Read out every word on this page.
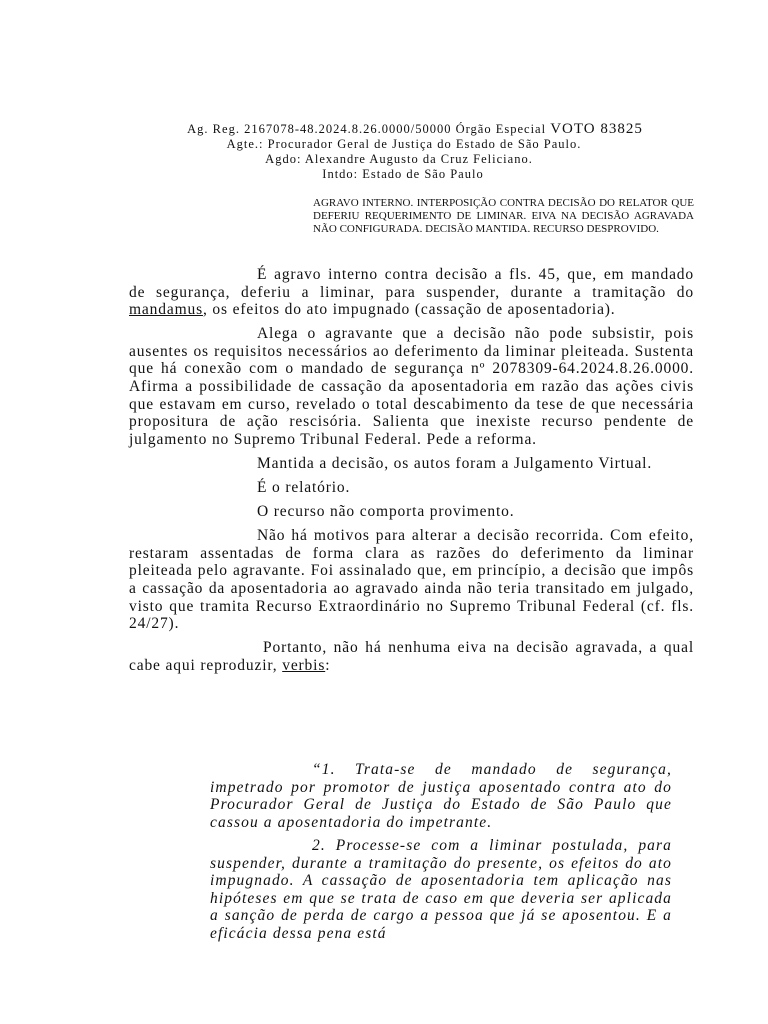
Ag. Reg. 2167078-48.2024.8.26.0000/50000 Órgão Especial VOTO 83825
Agte.: Procurador Geral de Justiça do Estado de São Paulo.
Agdo: Alexandre Augusto da Cruz Feliciano.
Intdo: Estado de São Paulo
AGRAVO INTERNO. INTERPOSIÇÃO CONTRA DECISÃO DO RELATOR QUE DEFERIU REQUERIMENTO DE LIMINAR. EIVA NA DECISÃO AGRAVADA NÃO CONFIGURADA. DECISÃO MANTIDA. RECURSO DESPROVIDO.

É agravo interno contra decisão a fls. 45, que, em mandado de segurança, deferiu a liminar, para suspender, durante a tramitação do mandamus, os efeitos do ato impugnado (cassação de aposentadoria).

Alega o agravante que a decisão não pode subsistir, pois ausentes os requisitos necessários ao deferimento da liminar pleiteada. Sustenta que há conexão com o mandado de segurança nº 2078309-64.2024.8.26.0000. Afirma a possibilidade de cassação da aposentadoria em razão das ações civis que estavam em curso, revelado o total descabimento da tese de que necessária propositura de ação rescisória. Salienta que inexiste recurso pendente de julgamento no Supremo Tribunal Federal. Pede a reforma.

Mantida a decisão, os autos foram a Julgamento Virtual.

É o relatório.

O recurso não comporta provimento.

Não há motivos para alterar a decisão recorrida. Com efeito, restaram assentadas de forma clara as razões do deferimento da liminar pleiteada pelo agravante. Foi assinalado que, em princípio, a decisão que impôs a cassação da aposentadoria ao agravado ainda não teria transitado em julgado, visto que tramita Recurso Extraordinário no Supremo Tribunal Federal (cf. fls. 24/27).

Portanto, não há nenhuma eiva na decisão agravada, a qual cabe aqui reproduzir, verbis:

“1. Trata-se de mandado de segurança, impetrado por promotor de justiça aposentado contra ato do Procurador Geral de Justiça do Estado de São Paulo que cassou a aposentadoria do impetrante.

2. Processe-se com a liminar postulada, para suspender, durante a tramitação do presente, os efeitos do ato impugnado. A cassação de aposentadoria tem aplicação nas hipóteses em que se trata de caso em que deveria ser aplicada a sanção de perda de cargo a pessoa que já se aposentou. E a eficácia dessa pena está
